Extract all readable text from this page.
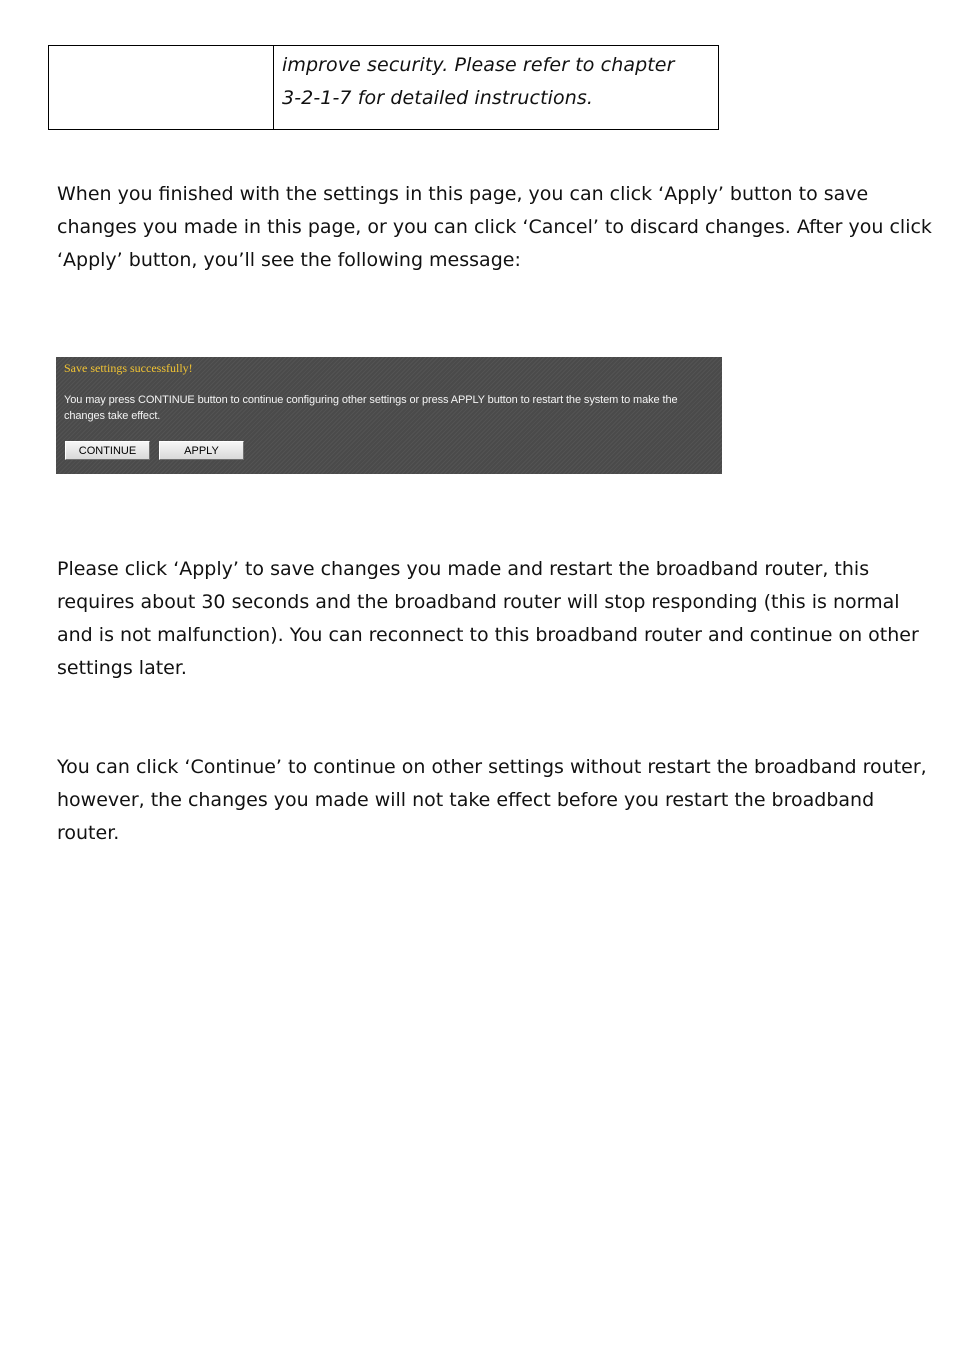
improve security. Please refer to chapter
3-2-1-7 for detailed instructions.
When you finished with the settings in this page, you can click ‘Apply’ button to save
changes you made in this page, or you can click ‘Cancel’ to discard changes. After you click
‘Apply’ button, you’ll see the following message:
Save settings successfully!
You may press CONTINUE button to continue configuring other settings or press APPLY button to restart the system to make the
changes take effect.
CONTINUE	APPLY
Please click ‘Apply’ to save changes you made and restart the broadband router, this
requires about 30 seconds and the broadband router will stop responding (this is normal
and is not malfunction). You can reconnect to this broadband router and continue on other
settings later.
You can click ‘Continue’ to continue on other settings without restart the broadband router,
however, the changes you made will not take effect before you restart the broadband
router.
